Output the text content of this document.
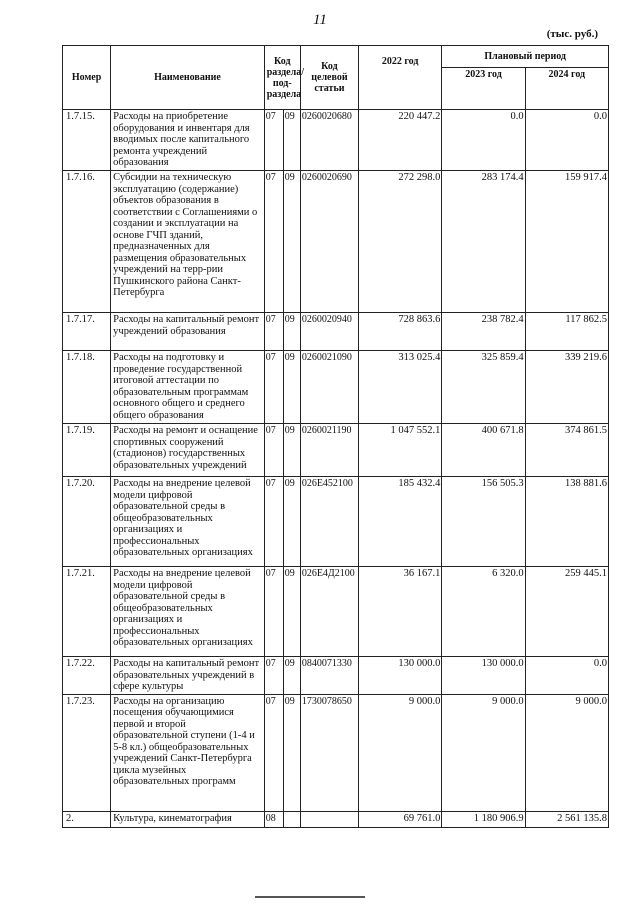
11
(тыс. руб.)
Номер	Наименование	Код раздела/ под-раздела		Код целевой статьи	2022 год	Плановый период	
						2023 год	2024 год
1.7.15.	Расходы на приобретение оборудования и инвентаря для вводимых после капитального ремонта учреждений образования	07	09	0260020680	220 447.2	0.0	0.0
1.7.16.	Субсидии на техническую эксплуатацию (содержание) объектов образования в соответствии с Соглашениями о создании и эксплуатации на основе ГЧП зданий, предназначенных для размещения образовательных учреждений на терр-рии Пушкинского района Санкт-Петербурга	07	09	0260020690	272 298.0	283 174.4	159 917.4
1.7.17.	Расходы на капитальный ремонт учреждений образования	07	09	0260020940	728 863.6	238 782.4	117 862.5
1.7.18.	Расходы на подготовку и проведение государственной итоговой аттестации по образовательным программам основного общего и среднего общего образования	07	09	0260021090	313 025.4	325 859.4	339 219.6
1.7.19.	Расходы на ремонт и оснащение спортивных сооружений (стадионов) государственных образовательных учреждений	07	09	0260021190	1 047 552.1	400 671.8	374 861.5
1.7.20.	Расходы на внедрение целевой модели цифровой образовательной среды в общеобразовательных организациях и профессиональных образовательных организациях	07	09	026Е452100	185 432.4	156 505.3	138 881.6
1.7.21.	Расходы на внедрение целевой модели цифровой образовательной среды в общеобразовательных организациях и профессиональных образовательных организациях	07	09	026Е4Д2100	36 167.1	6 320.0	259 445.1
1.7.22.	Расходы на капитальный ремонт образовательных учреждений в сфере культуры	07	09	0840071330	130 000.0	130 000.0	0.0
1.7.23.	Расходы на организацию посещения обучающимися первой и второй образовательной ступени (1-4 и 5-8 кл.) общеобразовательных учреждений Санкт-Петербурга цикла музейных образовательных программ	07	09	1730078650	9 000.0	9 000.0	9 000.0
2.	Культура, кинематография	08			69 761.0	1 180 906.9	2 561 135.8
